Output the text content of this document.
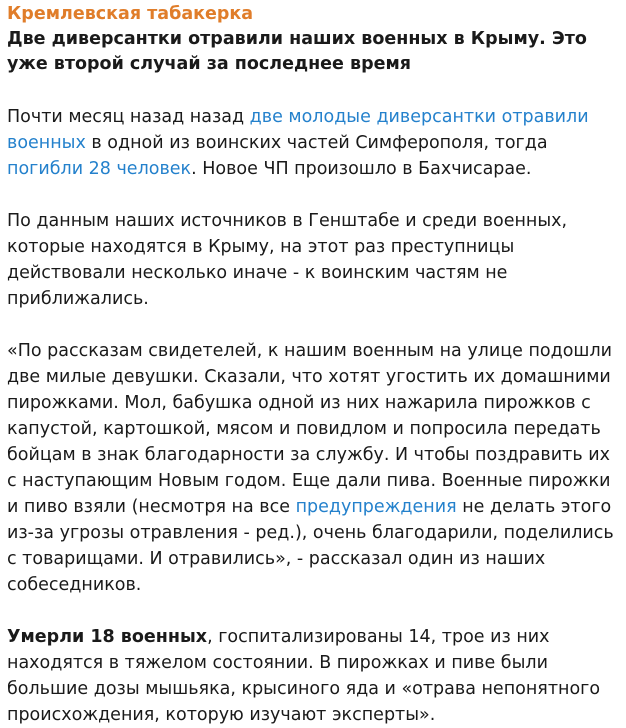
Кремлевская табакерка

Две диверсантки отравили наших военных в Крыму. Это уже второй случай за последнее время

Почти месяц назад назад две молодые диверсантки отравили военных в одной из воинских частей Симферополя, тогда погибли 28 человек. Новое ЧП произошло в Бахчисарае.

По данным наших источников в Генштабе и среди военных, которые находятся в Крыму, на этот раз преступницы действовали несколько иначе - к воинским частям не приближались.

«По рассказам свидетелей, к нашим военным на улице подошли две милые девушки. Сказали, что хотят угостить их домашними пирожками. Мол, бабушка одной из них нажарила пирожков с капустой, картошкой, мясом и повидлом и попросила передать бойцам в знак благодарности за службу. И чтобы поздравить их с наступающим Новым годом. Еще дали пива. Военные пирожки и пиво взяли (несмотря на все предупреждения не делать этого из-за угрозы отравления - ред.), очень благодарили, поделились с товарищами. И отравились», - рассказал один из наших собеседников.

Умерли 18 военных, госпитализированы 14, трое из них находятся в тяжелом состоянии. В пирожках и пиве были большие дозы мышьяка, крысиного яда и «отрава непонятного происхождения, которую изучают эксперты».
